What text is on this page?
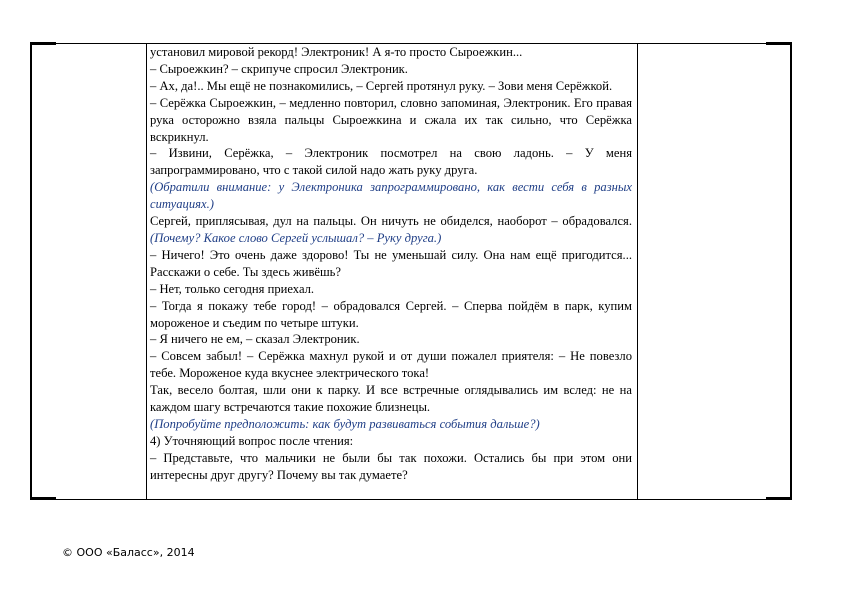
установил мировой рекорд! Электроник! А я-то просто Сыроежкин...

– Сыроежкин? – скрипуче спросил Электроник.

– Ах, да!.. Мы ещё не познакомились, – Сергей протянул руку. – Зови меня Серёжкой.

– Серёжка Сыроежкин, – медленно повторил, словно запоминая, Электроник. Его правая рука осторожно взяла пальцы Сыроежкина и сжала их так сильно, что Серёжка вскрикнул.

– Извини, Серёжка, – Электроник посмотрел на свою ладонь. – У меня запрограммировано, что с такой силой надо жать руку друга.

(Обратили внимание: у Электроника запрограммировано, как вести себя в разных ситуациях.)

Сергей, приплясывая, дул на пальцы. Он ничуть не обиделся, наоборот – обрадовался. (Почему? Какое слово Сергей услышал? – Руку друга.)

– Ничего! Это очень даже здорово! Ты не уменьшай силу. Она нам ещё пригодится... Расскажи о себе. Ты здесь живёшь?

– Нет, только сегодня приехал.

– Тогда я покажу тебе город! – обрадовался Сергей. – Сперва пойдём в парк, купим мороженое и съедим по четыре штуки.

– Я ничего не ем, – сказал Электроник.

– Совсем забыл! – Серёжка махнул рукой и от души пожалел приятеля: – Не повезло тебе. Мороженое куда вкуснее электрического тока!

Так, весело болтая, шли они к парку. И все встречные оглядывались им вслед: не на каждом шагу встречаются такие похожие близнецы.

(Попробуйте предположить: как будут развиваться события дальше?)

4) Уточняющий вопрос после чтения:

– Представьте, что мальчики не были бы так похожи. Остались бы при этом они интересны друг другу? Почему вы так думаете?

© ООО «Баласс», 2014
